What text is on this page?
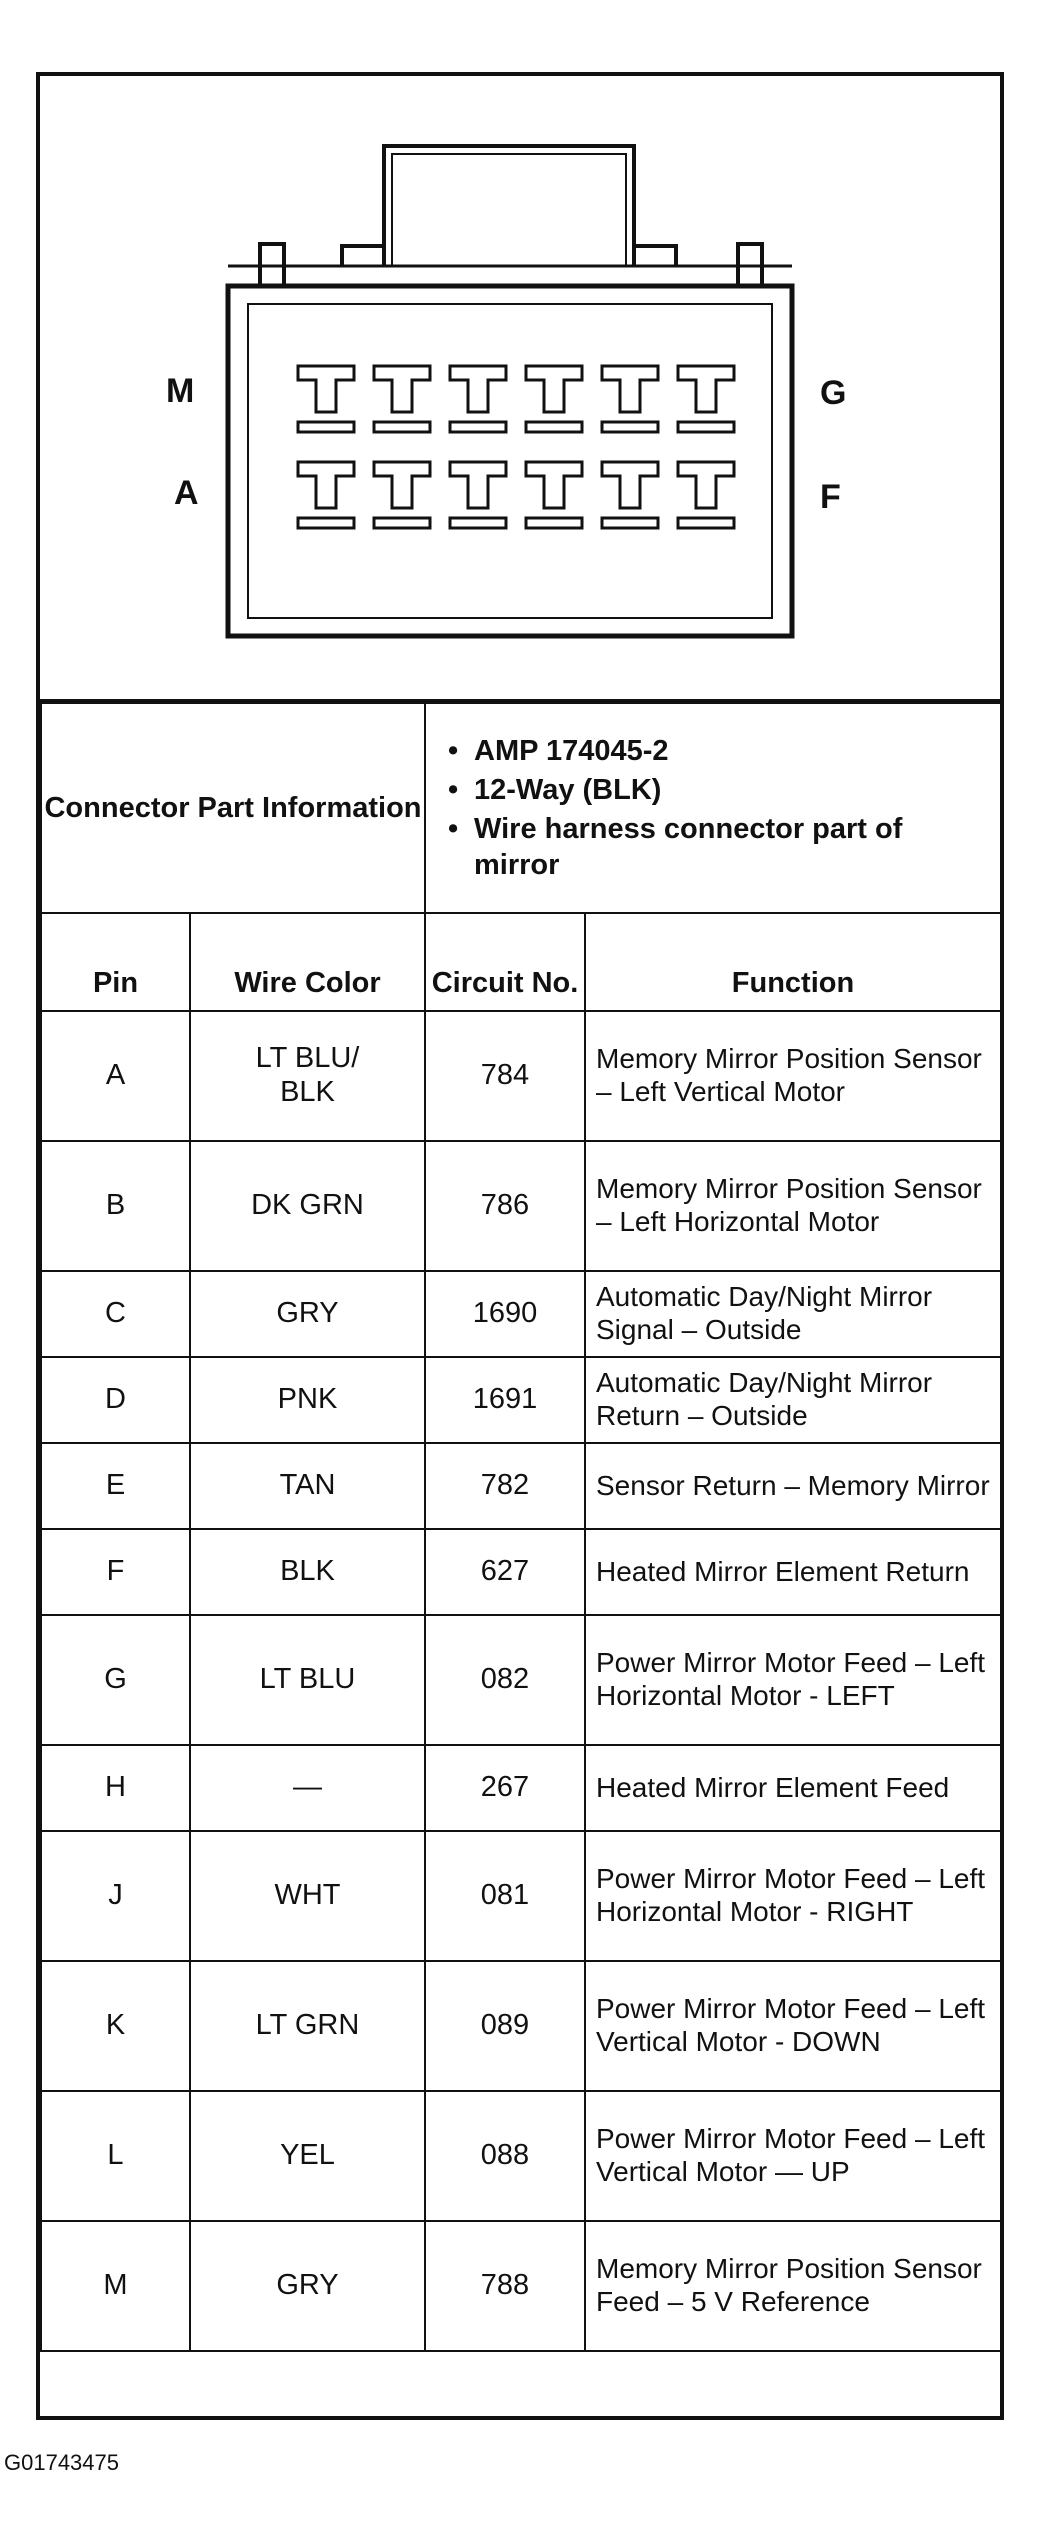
M
A
G
F
Connector Part Information	
• AMP 174045-2
• 12-Way (BLK)
• Wire harness connector part of mirror
Pin	Wire Color	Circuit No.	Function
A	LT BLU/ BLK	784	Memory Mirror Position Sensor – Left Vertical Motor
B	DK GRN	786	Memory Mirror Position Sensor – Left Horizontal Motor
C	GRY	1690	Automatic Day/Night Mirror Signal – Outside
D	PNK	1691	Automatic Day/Night Mirror Return – Outside
E	TAN	782	Sensor Return – Memory Mirror
F	BLK	627	Heated Mirror Element Return
G	LT BLU	082	Power Mirror Motor Feed – Left Horizontal Motor - LEFT
H	—	267	Heated Mirror Element Feed
J	WHT	081	Power Mirror Motor Feed – Left Horizontal Motor - RIGHT
K	LT GRN	089	Power Mirror Motor Feed – Left Vertical Motor - DOWN
L	YEL	088	Power Mirror Motor Feed – Left Vertical Motor — UP
M	GRY	788	Memory Mirror Position Sensor Feed – 5 V Reference
G01743475
